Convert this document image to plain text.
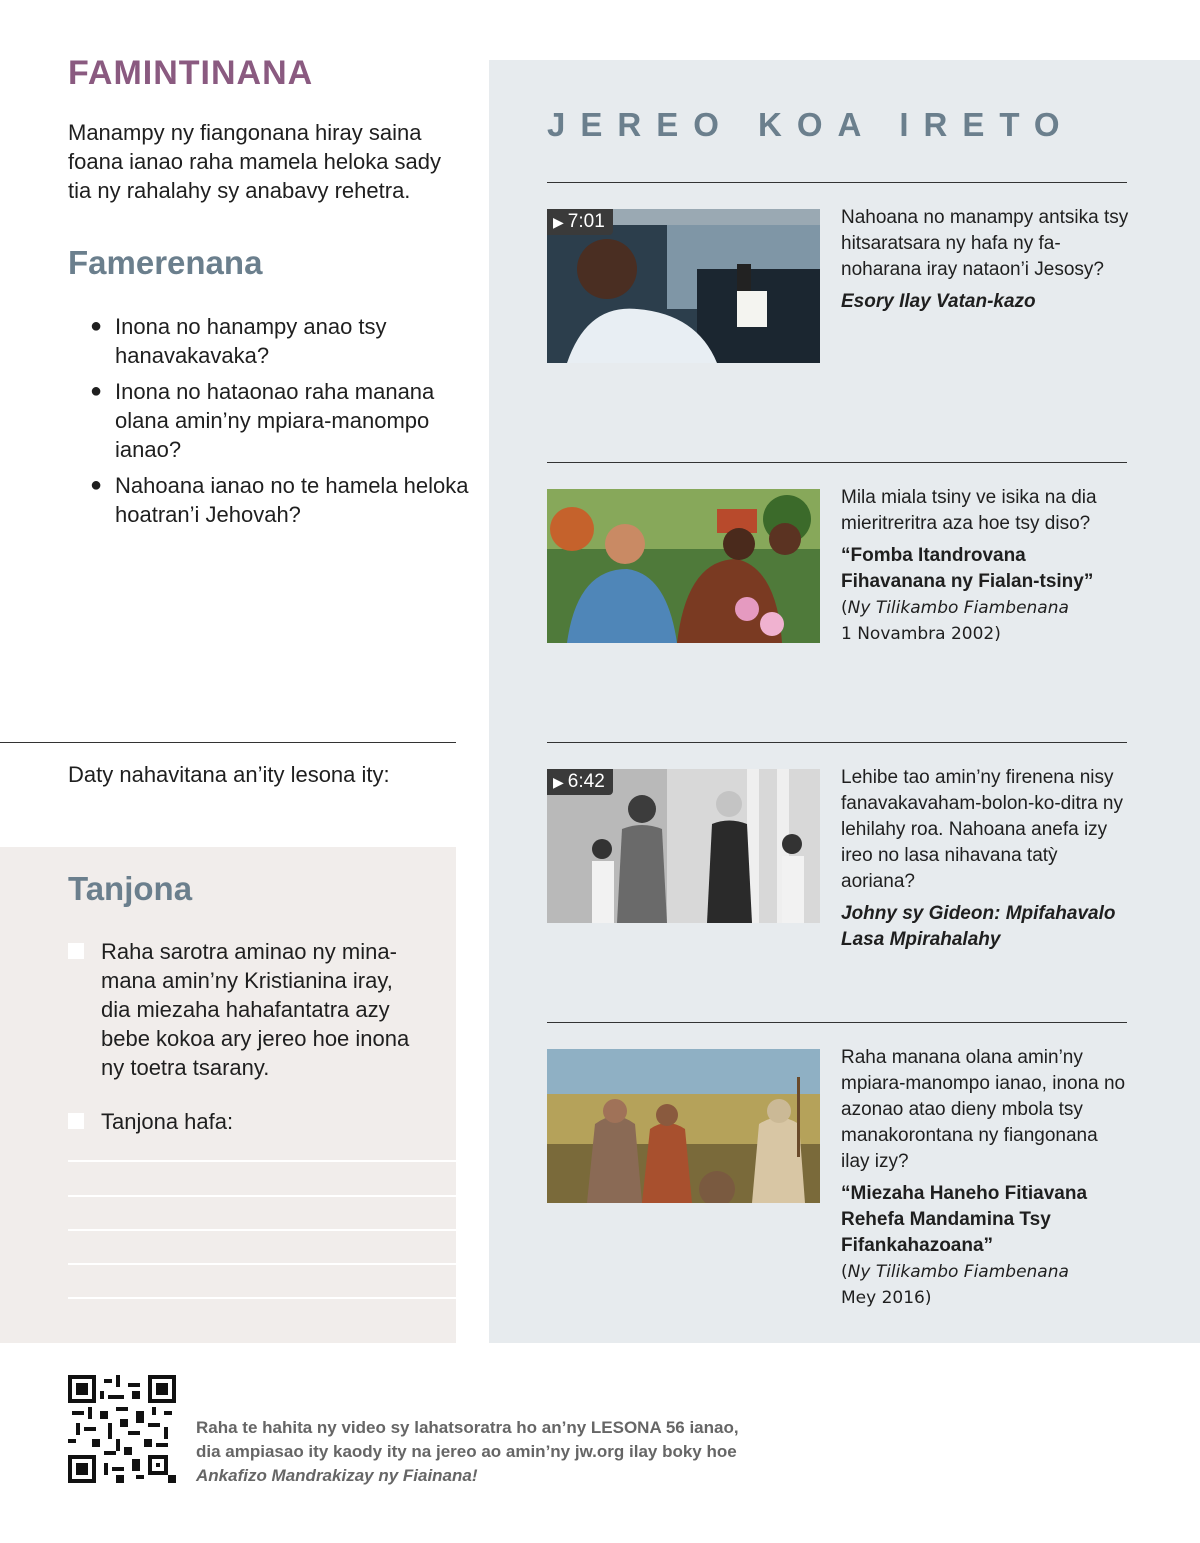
FAMINTINANA
Manampy ny fiangonana hiray saina foana ianao raha mamela heloka sady tia ny rahalahy sy anabavy rehetra.
Famerenana
● Inona no hanampy anao tsy hanavakavaka?
● Inona no hataonao raha manana olana amin’ny mpiara-manompo ianao?
● Nahoana ianao no te hamela heloka hoatran’i Jehovah?
Daty nahavitana an’ity lesona ity:
Tanjona
Raha sarotra aminao ny mina-mana amin’ny Kristianina iray, dia miezaha hahafantatra azy bebe kokoa ary jereo hoe inona ny toetra tsarany.
Tanjona hafa:
JEREO KOA IRETO
▶ 7:01	Nahoana no manampy antsika tsy hitsaratsara ny hafa ny fa-noharana iray nataon’i Jesosy?

Esory Ilay Vatan-kazo

Mila miala tsiny ve isika na dia mieritreritra aza hoe tsy diso?

“Fomba Itandrovana Fihavanana ny Fialan-tsiny”

(Ny Tilikambo Fiambenana
1 Novambra 2002)

▶ 6:42	Lehibe tao amin’ny firenena nisy fanavakavaham-bolon-ko-ditra ny lehilahy roa. Nahoana anefa izy ireo no lasa nihavana tatỳ aoriana?

Johny sy Gideon: Mpifahavalo Lasa Mpirahalahy

Raha manana olana amin’ny mpiara-manompo ianao, inona no azonao atao dieny mbola tsy manakorontana ny fiangonana ilay izy?

“Miezaha Haneho Fitiavana Rehefa Mandamina Tsy Fifankahazoana”

(Ny Tilikambo Fiambenana
Mey 2016)

Raha te hahita ny video sy lahatsoratra ho an’ny LESONA 56 ianao, dia ampiasao ity kaody ity na jereo ao amin’ny jw.org ilay boky hoe Ankafizo Mandrakizay ny Fiainana!
